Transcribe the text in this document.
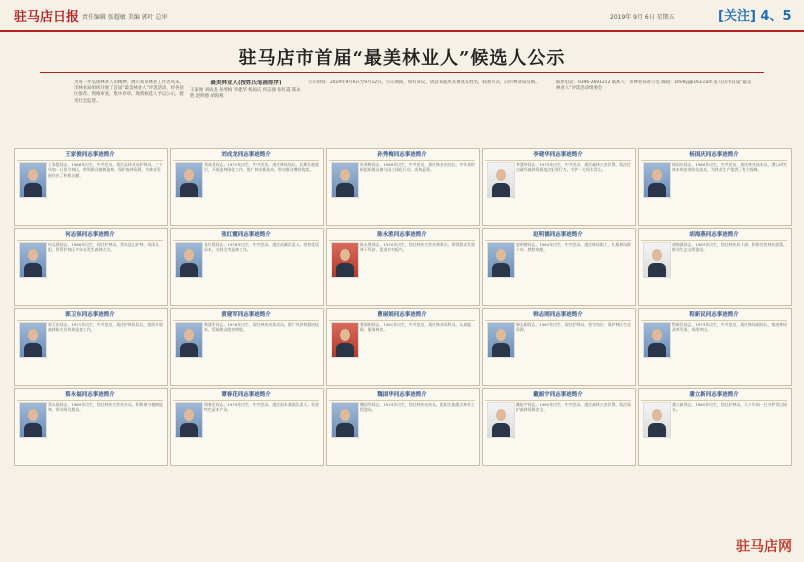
驻马店日报 责任编辑 张超敏 美编 郭叶 总审	2019年 9月 6日 星期五	[关注] 4、5
驻马店市首届“最美林业人”候选人公示
为进一步弘扬林业人的精神，展示我市林业工作者风采，市林业局组织开展了首届“最美林业人”评选活动，经各县区推荐、资格审查、集中评审，现将候选人予以公示，接受社会监督。
最美林业人(按姓氏笔画排序)
王家俊 刘成龙 孙秀梅 李建华 杨国庆 何志强 张红霞 陈永胜 赵明德 胡海燕
公示时间：2019年9月6日至9月12日。公示期间，如有异议，请以书面形式署真实姓名、联系方式，向市林业局反映。	联系电话：0396-2691212 联系人：市林业局办公室 邮箱：zmdlyj@163.com 驻马店市首届“最美林业人”评选活动组委会
王家俊同志事迹简介
王家俊同志，1966年出生，中共党员，现任县林业局护林员。三十年如一日坚守林区，带领群众植树造林，保护森林资源，为林业发展作出了积极贡献。
刘成龙同志事迹简介
刘成龙同志，1972年出生，中共党员，现任林场场长。长期扎根基层，开展造林绿化工作，推广林业新技术，带动群众增收致富。
孙秀梅同志事迹简介
孙秀梅同志，1969年出生，中共党员，现任林业站站长。多年来积极组织群众参与国土绿化行动，成效显著。
李建华同志事迹简介
李建华同志，1975年出生，中共党员，现任森林公安民警。依法打击破坏森林资源违法犯罪行为，守护一方绿水青山。
杨国庆同志事迹简介
杨国庆同志，1980年出生，中共党员，现任林业技术员。潜心研究林木病虫害防治技术，为林业生产提供了有力保障。
何志强同志事迹简介
何志强同志，1968年出生，现任护林员。常年巡山护林，风雨无阻，所管护林区多年未发生森林火灾。
张红霞同志事迹简介
张红霞同志，1978年出生，中共党员，现任苗圃负责人。培育优质苗木，支持全市造林工作。
陈永胜同志事迹简介
陈永胜同志，1970年出生，现任林业合作社理事长。带领群众发展林下经济，促进乡村振兴。
赵明德同志事迹简介
赵明德同志，1964年出生，中共党员，现任林场职工。扎根林场数十年，默默奉献。
胡海燕同志事迹简介
胡海燕同志，1983年出生，现任林业局干部。积极宣传林业政策，推动生态文明建设。
郭卫东同志事迹简介
郭卫东同志，1971年出生，中共党员，现任护林队队长。组织开展森林防火宣传和巡查工作。
黄建军同志事迹简介
黄建军同志，1976年出生，现任林业站技术员。推广经济林栽培技术，帮助群众脱贫增收。
曹丽娟同志事迹简介
曹丽娟同志，1981年出生，中共党员，现任林业局科员。认真履职，服务林农。
韩志刚同志事迹简介
韩志刚同志，1967年出生，现任护林员。坚守岗位，保护林区生态资源。
程新民同志事迹简介
程新民同志，1973年出生，中共党员，现任林场副场长。推进林场改革发展，成绩突出。
蔡永福同志事迹简介
蔡永福同志，1969年出生，现任林业合作社社员。积极参与植树造林，带动周边群众。
谭春花同志事迹简介
谭春花同志，1979年出生，中共党员，现任苗木基地负责人。发展特色苗木产业。
魏国华同志事迹简介
魏国华同志，1974年出生，现任林业站站长。组织实施重点林业工程建设。
戴振宇同志事迹简介
戴振宇同志，1985年出生，中共党员，现任森林公安民警。依法保护森林资源安全。
潘立新同志事迹简介
潘立新同志，1965年出生，现任护林员。几十年如一日守护青山绿水。
驻马店网
